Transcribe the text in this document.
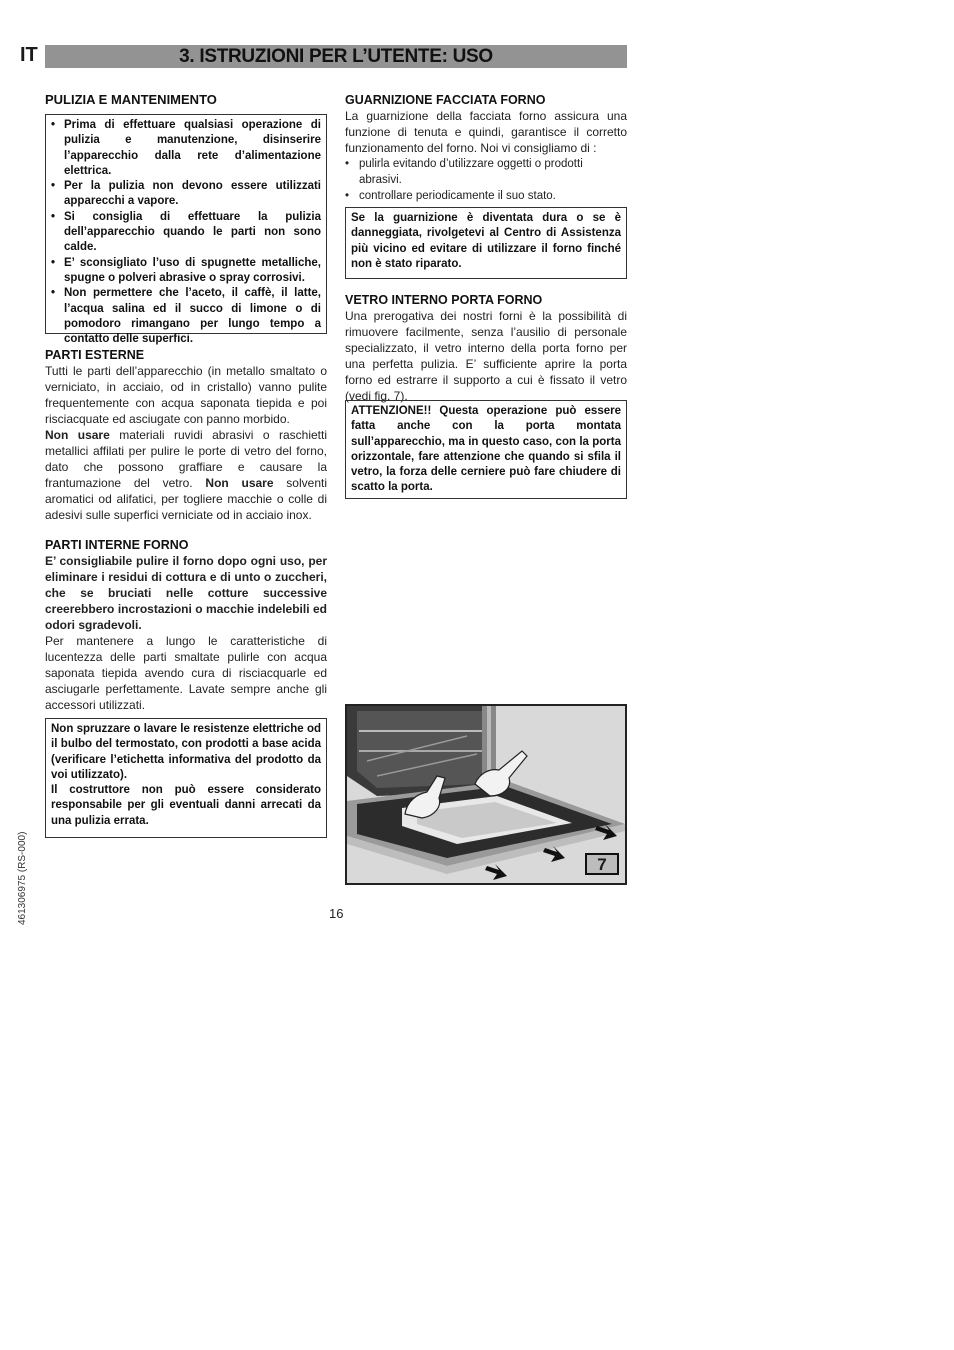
IT	3. ISTRUZIONI PER L’UTENTE: USO
PULIZIA E MANTENIMENTO
• Prima di effettuare qualsiasi operazione di pulizia e manutenzione, disinserire l’apparecchio dalla rete d’alimentazione elettrica.
• Per la pulizia non devono essere utilizzati apparecchi a vapore.
• Si consiglia di effettuare la pulizia dell’apparecchio quando le parti non sono calde.
• E’ sconsigliato l’uso di spugnette metalliche, spugne o polveri abrasive o spray corrosivi.
• Non permettere che l’aceto, il caffè, il latte, l’acqua salina ed il succo di limone o di pomodoro rimangano per lungo tempo a contatto delle superfici.
PARTI ESTERNE

Tutti le parti dell’apparecchio (in metallo smaltato o verniciato, in acciaio, od in cristallo) vanno pulite frequentemente con acqua saponata tiepida e poi risciacquate ed asciugate con panno morbido.

Non usare materiali ruvidi abrasivi o raschietti metallici affilati per pulire le porte di vetro del forno, dato che possono graffiare e causare la frantumazione del vetro. Non usare solventi aromatici od alifatici, per togliere macchie o colle di adesivi sulle superfici verniciate od in acciaio inox.

PARTI INTERNE FORNO

E’ consigliabile pulire il forno dopo ogni uso, per eliminare i residui di cottura e di unto o zuccheri, che se bruciati nelle cotture successive creerebbero incrostazioni o macchie indelebili ed odori sgradevoli.

Per mantenere a lungo le caratteristiche di lucentezza delle parti smaltate pulirle con acqua saponata tiepida avendo cura di risciacquarle ed asciugarle perfettamente. Lavate sempre anche gli accessori utilizzati.

Non spruzzare o lavare le resistenze elettriche od il bulbo del termostato, con prodotti a base acida (verificare l’etichetta informativa del prodotto da voi utilizzato).
Il costruttore non può essere considerato responsabile per gli eventuali danni arrecati da una pulizia errata.
GUARNIZIONE FACCIATA FORNO

La guarnizione della facciata forno assicura una funzione di tenuta e quindi, garantisce il corretto funzionamento del forno. Noi vi consigliamo di :

• pulirla evitando d’utilizzare oggetti o prodotti abrasivi.
• controllare periodicamente il suo stato.
Se la guarnizione è diventata dura o se è danneggiata, rivolgetevi al Centro di Assistenza più vicino ed evitare di utilizzare il forno finché non è stato riparato.
VETRO INTERNO PORTA FORNO

Una prerogativa dei nostri forni è la possibilità di rimuovere facilmente, senza l’ausilio di personale specializzato, il vetro interno della porta forno per una perfetta pulizia. E’ sufficiente aprire la porta forno ed estrarre il supporto a cui è fissato il vetro (vedi fig. 7).

ATTENZIONE!! Questa operazione può essere fatta anche con la porta montata sull’apparecchio, ma in questo caso, con la porta orizzontale, fare attenzione che quando si sfila il vetro, la forza delle cerniere può fare chiudere di scatto la porta.
7
16
461306975 (RS-000)
